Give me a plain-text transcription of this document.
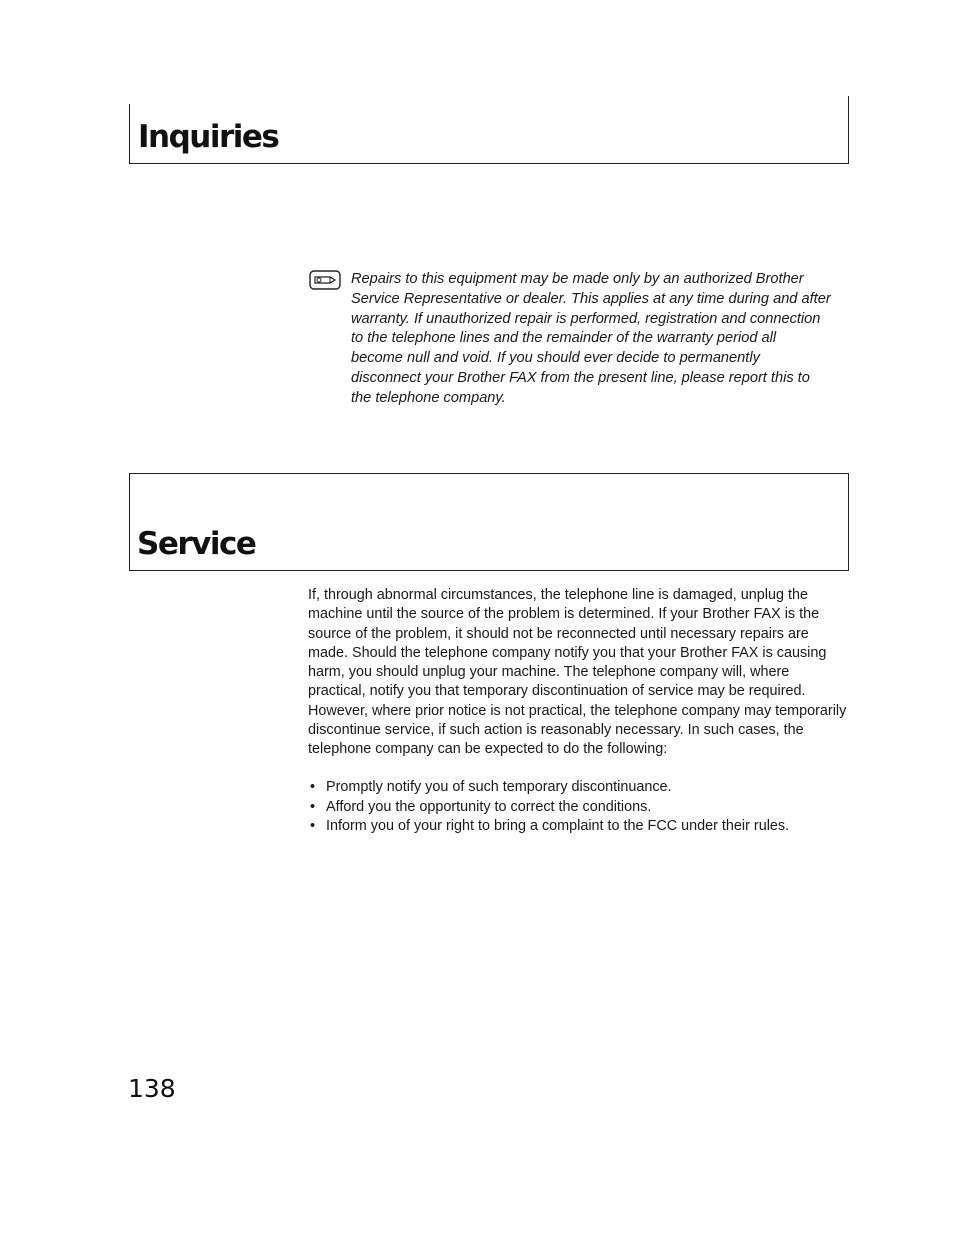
Inquiries

Repairs to this equipment may be made only by an authorized Brother Service Representative or dealer. This applies at any time during and after warranty. If unauthorized repair is performed, registration and connection to the telephone lines and the remainder of the warranty period all become null and void. If you should ever decide to permanently disconnect your Brother FAX from the present line, please report this to the telephone company.

Service

If, through abnormal circumstances, the telephone line is damaged, unplug the machine until the source of the problem is determined. If your Brother FAX is the source of the problem, it should not be reconnected until necessary repairs are made. Should the telephone company notify you that your Brother FAX is causing harm, you should unplug your machine. The telephone company will, where practical, notify you that temporary discontinuation of service may be required. However, where prior notice is not practical, the telephone company may temporarily discontinue service, if such action is reasonably necessary. In such cases, the telephone company can be expected to do the following:

• Promptly notify you of such temporary discontinuance.
• Afford you the opportunity to correct the conditions.
• Inform you of your right to bring a complaint to the FCC under their rules.

138
